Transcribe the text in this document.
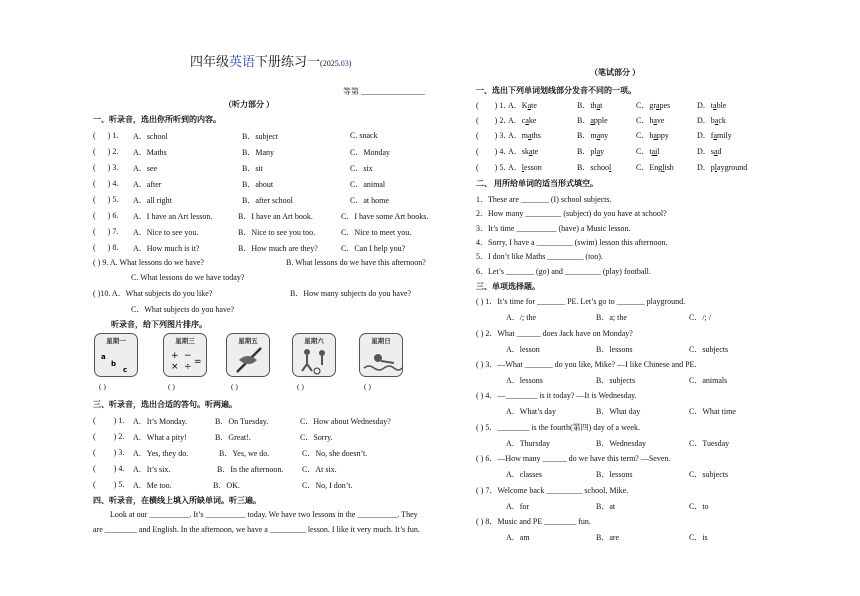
四年级英语下册练习一(2025.03)
等第 ________________
（听力部分 ）
（笔试部分 ）
一、听录音，选出你所听到的内容。
(      ) 1. A．school	B．subject	C. snack
(      ) 2. A．Maths	B．Many	C．Monday
(      ) 3. A．see	B．sit	C．six
(      ) 4. A．after	B．about	C．animal
(      ) 5. A．all right	B．after school	C．at home
(      ) 6. A．I have an Art lesson.	B．I have an Art book.	C．I have some Art books.
(      ) 7. A．Nice to see you.	B．Nice to see you too.	C．Nice to meet you.
(      ) 8. A．How much is it?	B．How much are they?	C．Can I help you?
( ) 9. A. What lessons do we have?	B. What lessons do we have this afternoon?
C. What lessons do we have today?
( )10. A．What subjects do you like?	B．How many subjects do you have?
C．What subjects do you have?
听录音，给下列图片排序。
a
b
c
星期一
( )
+ −
× ÷ =
星期三
( )
星期五
( )
星期六
( )
星期日
( )
三、听录音，选出合适的答句。听两遍。
(         ) 1. A．It’s Monday.	B．On Tuesday.	C．How about Wednesday?
(         ) 2. A．What a pity!	B．Great!.	C．Sorry.
(         ) 3. A．Yes, they do.	B．Yes, we do.	C．No, she doesn’t.
(         ) 4. A．It’s six.	B．In the afternoon. C．At six.
(         ) 5. A．Me too.	B．OK.	C．No, I don’t.
四、听录音，在横线上填入所缺单词。听三遍。
Look at our __________. It’s __________ today. We have two lessons in the __________. They
are ________ and English. In the afternoon, we have a _________ lesson. I like it very much. It’s fun.
一、选出下列单词划线部分发音不同的一项。
(        ) 1．
A．Kate	B．that	C．grapes	D．table
(        ) 2．
A．cake	B．apple	C．have	D．back
(        ) 3．
A．maths	B．many	C．happy	D．family
(        ) 4．
A．skate	B．play	C．tail	D．sad
(        ) 5．
A．lesson	B．school	C．English	D．playground
二、 用所给单词的适当形式填空。
1．These are _______ (I) school subjects.
2．How many _________ (subject) do you have at school?
3．It’s time __________ (have) a Music lesson.
4．Sorry, I have a _________ (swim) lesson this afternoon.
5．I don’t like Maths _________ (too).
6．Let’s _______ (go) and _________ (play) football.
三、单项选择题。
( ) 1．It’s time for _______ PE. Let’s go to _______ playground.
A．/; the	B．a; the	C．/; /
( ) 2．What ______ does Jack have on Monday?
A．lesson	B．lessons	C．subjects
( ) 3．—What _______ do you like, Mike? —I like Chinese and PE.
A．lessons	B．subjects	C．animals
( ) 4．—________ is it today? —It is Wednesday.
A．What’s day	B．What day	C．What time
( ) 5．________ is the fourth(第四) day of a week.
A．Thursday	B．Wednesday	C．Tuesday
( ) 6．—How many ______ do we have this term? —Seven.
A．classes	B．lessons	C．subjects
( ) 7．Welcome back _________ school, Mike.
A．for	B．at	C．to
( ) 8．Music and PE ________ fun.
A．am	B．are	C．is
